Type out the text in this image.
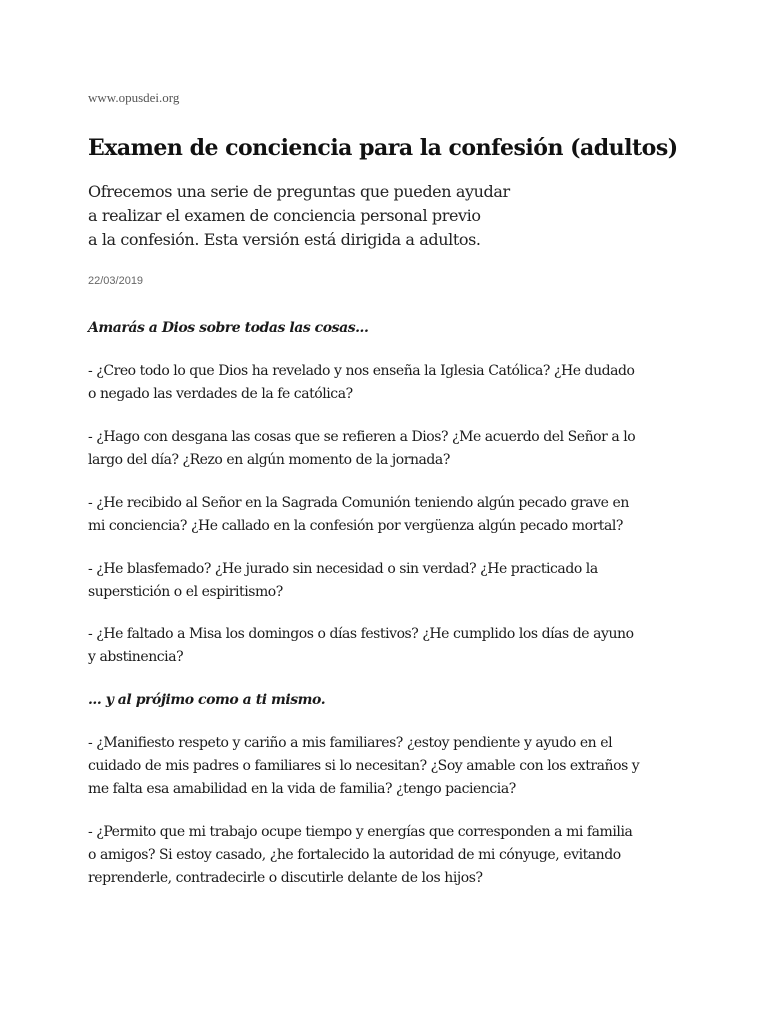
www.opusdei.org
Examen de conciencia para la confesión (adultos)
Ofrecemos una serie de preguntas que pueden ayudar
a realizar el examen de conciencia personal previo
a la confesión. Esta versión está dirigida a adultos.
22/03/2019
Amarás a Dios sobre todas las cosas...
- ¿Creo todo lo que Dios ha revelado y nos enseña la Iglesia Católica? ¿He dudado
o negado las verdades de la fe católica?
- ¿Hago con desgana las cosas que se refieren a Dios? ¿Me acuerdo del Señor a lo
largo del día? ¿Rezo en algún momento de la jornada?
- ¿He recibido al Señor en la Sagrada Comunión teniendo algún pecado grave en
mi conciencia? ¿He callado en la confesión por vergüenza algún pecado mortal?
- ¿He blasfemado? ¿He jurado sin necesidad o sin verdad? ¿He practicado la
superstición o el espiritismo?
- ¿He faltado a Misa los domingos o días festivos? ¿He cumplido los días de ayuno
y abstinencia?
... y al prójimo como a ti mismo.
- ¿Manifiesto respeto y cariño a mis familiares? ¿estoy pendiente y ayudo en el
cuidado de mis padres o familiares si lo necesitan? ¿Soy amable con los extraños y
me falta esa amabilidad en la vida de familia? ¿tengo paciencia?
- ¿Permito que mi trabajo ocupe tiempo y energías que corresponden a mi familia
o amigos? Si estoy casado, ¿he fortalecido la autoridad de mi cónyuge, evitando
reprenderle, contradecirle o discutirle delante de los hijos?
